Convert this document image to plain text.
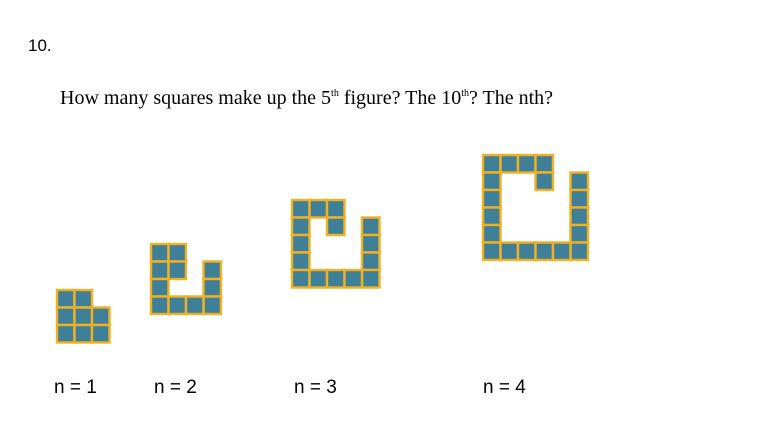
10.
How many squares make up the 5th figure? The 10th? The nth?
n = 1	n = 2	n = 3	n = 4
